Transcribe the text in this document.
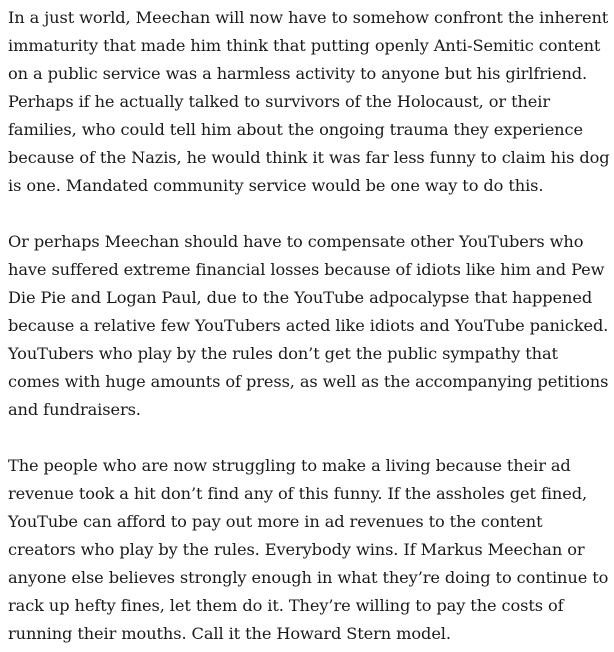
In a just world, Meechan will now have to somehow confront the inherent immaturity that made him think that putting openly Anti-Semitic content on a public service was a harmless activity to anyone but his girlfriend. Perhaps if he actually talked to survivors of the Holocaust, or their families, who could tell him about the ongoing trauma they experience because of the Nazis, he would think it was far less funny to claim his dog is one. Mandated community service would be one way to do this.

Or perhaps Meechan should have to compensate other YouTubers who have suffered extreme financial losses because of idiots like him and Pew Die Pie and Logan Paul, due to the YouTube adpocalypse that happened because a relative few YouTubers acted like idiots and YouTube panicked. YouTubers who play by the rules don’t get the public sympathy that comes with huge amounts of press, as well as the accompanying petitions and fundraisers.

The people who are now struggling to make a living because their ad revenue took a hit don’t find any of this funny. If the assholes get fined, YouTube can afford to pay out more in ad revenues to the content creators who play by the rules. Everybody wins. If Markus Meechan or anyone else believes strongly enough in what they’re doing to continue to rack up hefty fines, let them do it. They’re willing to pay the costs of running their mouths. Call it the Howard Stern model.
